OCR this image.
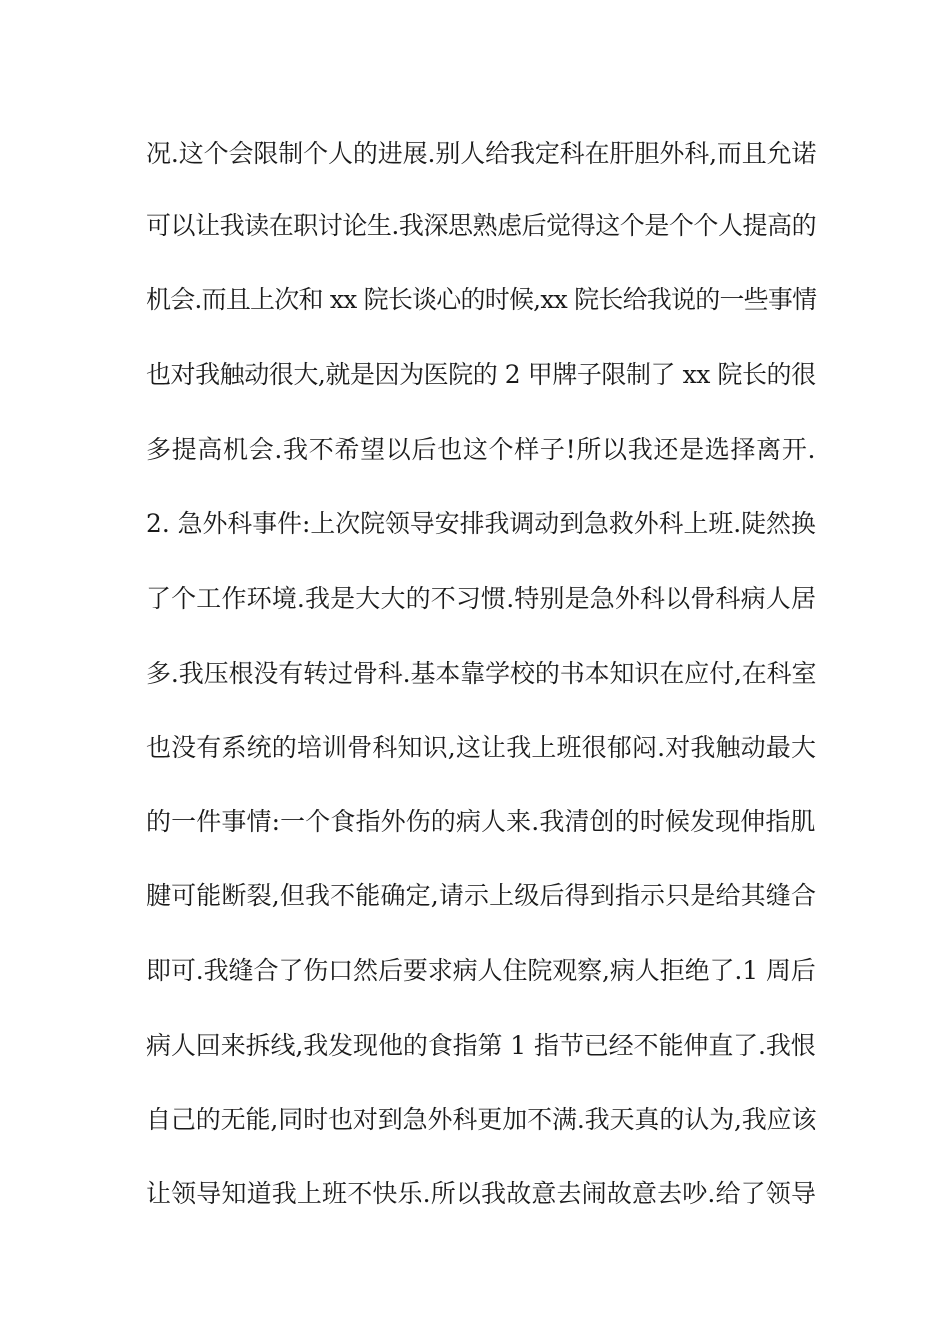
况.这个会限制个人的进展.别人给我定科在肝胆外科,而且允诺
可以让我读在职讨论生.我深思熟虑后觉得这个是个个人提高的
机会.而且上次和 xx 院长谈心的时候,xx 院长给我说的一些事情
也对我触动很大,就是因为医院的 2 甲牌子限制了 xx 院长的很
多提高机会.我不希望以后也这个样子!所以我还是选择离开.
2. 急外科事件:上次院领导安排我调动到急救外科上班.陡然换
了个工作环境.我是大大的不习惯.特别是急外科以骨科病人居
多.我压根没有转过骨科.基本靠学校的书本知识在应付,在科室
也没有系统的培训骨科知识,这让我上班很郁闷.对我触动最大
的一件事情:一个食指外伤的病人来.我清创的时候发现伸指肌
腱可能断裂,但我不能确定,请示上级后得到指示只是给其缝合
即可.我缝合了伤口然后要求病人住院观察,病人拒绝了.1 周后
病人回来拆线,我发现他的食指第 1 指节已经不能伸直了.我恨
自己的无能,同时也对到急外科更加不满.我天真的认为,我应该
让领导知道我上班不快乐.所以我故意去闹故意去吵.给了领导
